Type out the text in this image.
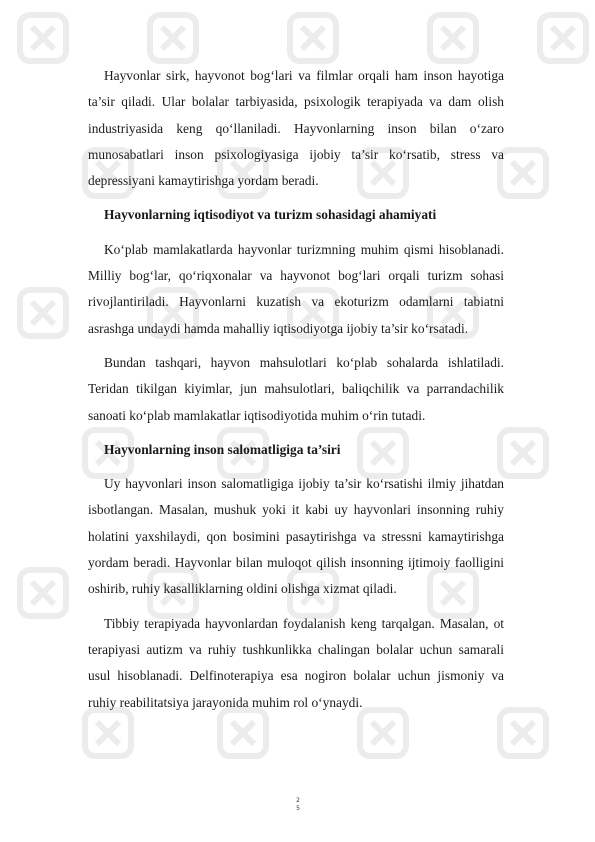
Hayvonlar sirk, hayvonot bog‘lari va filmlar orqali ham inson hayotiga ta’sir qiladi. Ular bolalar tarbiyasida, psixologik terapiyada va dam olish industriyasida keng qo‘llaniladi. Hayvonlarning inson bilan o‘zaro munosabatlari inson psixologiyasiga ijobiy ta’sir ko‘rsatib, stress va depressiyani kamaytirishga yordam beradi.

Hayvonlarning iqtisodiyot va turizm sohasidagi ahamiyati

Ko‘plab mamlakatlarda hayvonlar turizmning muhim qismi hisoblanadi. Milliy bog‘lar, qo‘riqxonalar va hayvonot bog‘lari orqali turizm sohasi rivojlantiriladi. Hayvonlarni kuzatish va ekoturizm odamlarni tabiatni asrashga undaydi hamda mahalliy iqtisodiyotga ijobiy ta’sir ko‘rsatadi.

Bundan tashqari, hayvon mahsulotlari ko‘plab sohalarda ishlatiladi. Teridan tikilgan kiyimlar, jun mahsulotlari, baliqchilik va parrandachilik sanoati ko‘plab mamlakatlar iqtisodiyotida muhim o‘rin tutadi.

Hayvonlarning inson salomatligiga ta’siri

Uy hayvonlari inson salomatligiga ijobiy ta’sir ko‘rsatishi ilmiy jihatdan isbotlangan. Masalan, mushuk yoki it kabi uy hayvonlari insonning ruhiy holatini yaxshilaydi, qon bosimini pasaytirishga va stressni kamaytirishga yordam beradi. Hayvonlar bilan muloqot qilish insonning ijtimoiy faolligini oshirib, ruhiy kasalliklarning oldini olishga xizmat qiladi.

Tibbiy terapiyada hayvonlardan foydalanish keng tarqalgan. Masalan, ot terapiyasi autizm va ruhiy tushkunlikka chalingan bolalar uchun samarali usul hisoblanadi. Delfinoterapiya esa nogiron bolalar uchun jismoniy va ruhiy reabilitatsiya jarayonida muhim rol o‘ynaydi.

2
5
